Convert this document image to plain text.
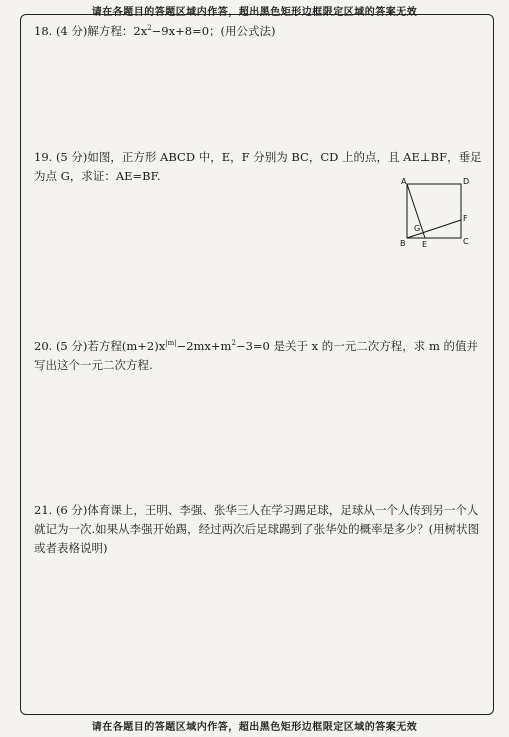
请在各题目的答题区域内作答，超出黑色矩形边框限定区域的答案无效
18. (4 分)解方程：$2x^2-9x+8=0$；(用公式法)
19. (5 分)如图，正方形 ABCD 中，E，F 分别为 BC，CD 上的点，且 AE⊥BF，垂足为点 G，求证：AE=BF.	A	D
B	C
E
F
G
20. (5 分)若方程$(m+2)x^{|m|}-2mx+m^2-3=0$ 是关于 x 的一元二次方程，求 m 的值并写出这个一元二次方程.
21. (6 分)体育课上，王明、李强、张华三人在学习踢足球，足球从一个人传到另一个人就记为一次.如果从李强开始踢，经过两次后足球踢到了张华处的概率是多少？(用树状图或者表格说明)
请在各题目的答题区域内作答，超出黑色矩形边框限定区域的答案无效
